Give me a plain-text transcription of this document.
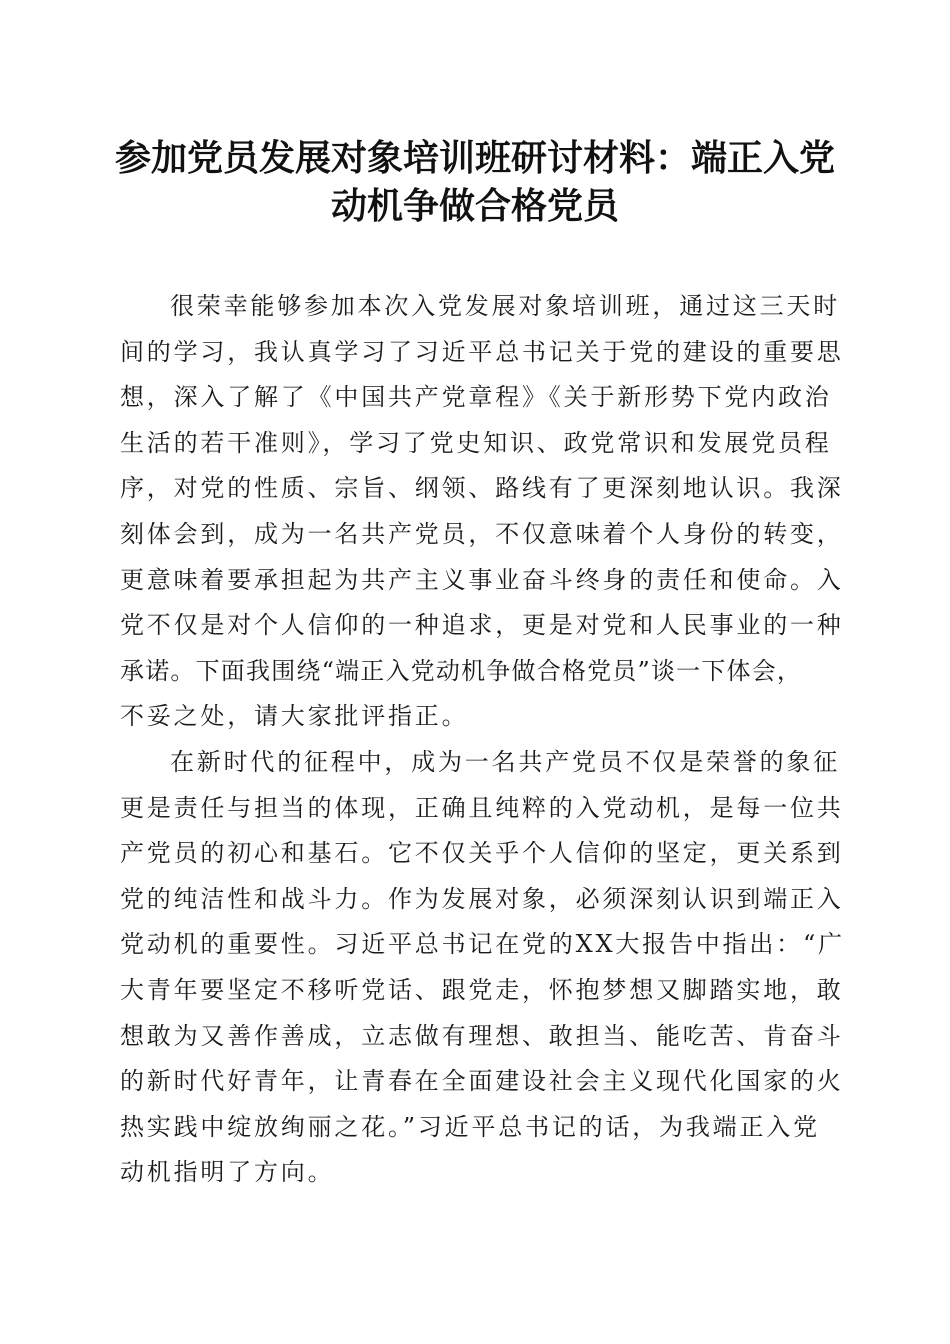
参加党员发展对象培训班研讨材料：端正入党
动机争做合格党员
很荣幸能够参加本次入党发展对象培训班，通过这三天时
间的学习，我认真学习了习近平总书记关于党的建设的重要思
想，深入了解了《中国共产党章程》《关于新形势下党内政治
生活的若干准则》，学习了党史知识、政党常识和发展党员程
序，对党的性质、宗旨、纲领、路线有了更深刻地认识。我深
刻体会到，成为一名共产党员，不仅意味着个人身份的转变，
更意味着要承担起为共产主义事业奋斗终身的责任和使命。入
党不仅是对个人信仰的一种追求，更是对党和人民事业的一种
承诺。下面我围绕“端正入党动机争做合格党员”谈一下体会，
不妥之处，请大家批评指正。
在新时代的征程中，成为一名共产党员不仅是荣誉的象征
更是责任与担当的体现，正确且纯粹的入党动机，是每一位共
产党员的初心和基石。它不仅关乎个人信仰的坚定，更关系到
党的纯洁性和战斗力。作为发展对象，必须深刻认识到端正入
党动机的重要性。习近平总书记在党的XX大报告中指出：“广
大青年要坚定不移听党话、跟党走，怀抱梦想又脚踏实地，敢
想敢为又善作善成，立志做有理想、敢担当、能吃苦、肯奋斗
的新时代好青年，让青春在全面建设社会主义现代化国家的火
热实践中绽放绚丽之花。”习近平总书记的话，为我端正入党
动机指明了方向。
